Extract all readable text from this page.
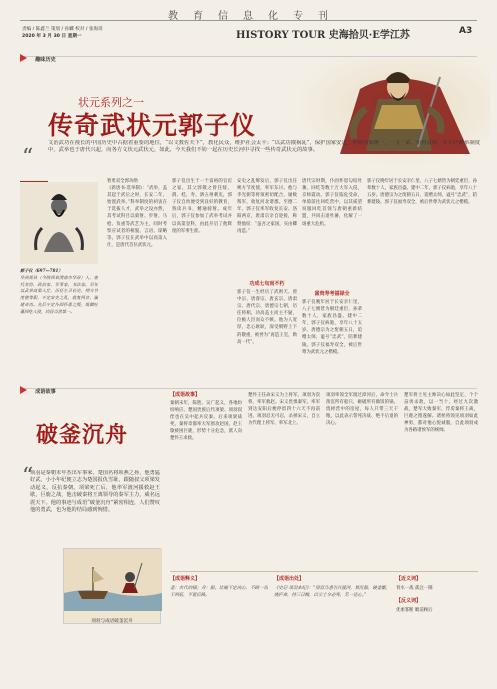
教 育 信 息 化 专 刊
责编 / 陈鑫兰 策划 / 孙麟 校对 / 张海哥
2020 年 3 月 30 日 星期一	HISTORY TOUR 史海拾贝·E学江苏	A3
趣味历史
状元系列之一
传奇武状元郭子仪
“
文治武功在漫长的中国历史中占据着重要的地位，“以文教佐天下”，教化民众，维护社会太平；“以武功戡祸乱”，保护国家安定，巩固国家统一，一文一武，相得益彰。在古代科举制度中，武举也于唐代兴起，向各方文状元武状元，如此，今天我们不妨一起在历史长河中寻找一些传奇武状元的故事。
郭子仪（697—781）
华州郑县（今陕西省渭南市华县）人，唐代名将、政治家、军事家、书法家。早年以武举高第入仕，历任左卫长史、朔方节度使等职，平定安史之乱，收复两京，屡建奇功。先后平定仆固怀恩之叛，抵御吐蕃回纥入侵，功居当世第一。
智勇双全郭功勋
《新唐书·选举制》：“武举，盖其起于武后之时，长安二年，始置武举。”科举制度的初衷在于选拔人才，武举之设亦然，其考试科目以骑射、步射、马枪、负重等武艺为主，同时考察应试者的相貌、言语、谋略等。郭子仪在武举中以高第入仕，是唐代首位武状元。
郭子仪出生于一个富裕的官宦之家，其父郭敬之曾任绥、渭、桂、寿、泗五州刺史，郭子仪自幼便受到良好的教育，熟读兵书，精通骑射。成年后，郭子仪参加了武举考试并以高第登科，由此开启了他辉煌的军事生涯。
安史之乱爆发后，郭子仪出任朔方节度使，率军东讨。他与李光弼等将领密切配合，屡败叛军，收复河北诸郡。至德二年，郭子仪率军收复长安、洛阳两京，唐肃宗亲自迎接，称赞他说：“虽吾之家国，实由卿再造。”
功成七旬而不朽
郭子仪一生经历了武则天、唐中宗、唐睿宗、唐玄宗、唐肃宗、唐代宗、唐德宗七朝，历任将相，功高盖主而主不疑，位极人臣而众不嫉。他为人宽厚，忠心耿耿，深受朝野上下的敬重，被誉为“再造王室，勋高一代”。
唐代宗时期，仆固怀恩勾结吐蕃、回纥等数十万大军入侵，京师震动。郭子仪临危受命，单骑前往回纥营中，以其威望说服回纥首领与唐朝重新结盟，共同击退吐蕃，化解了一场重大危机。
富贵寿考福禄全
郭子仪晚年居于长安亲仁里，八子七婿皆为朝廷重臣，孙辈数十人，家族昌盛。建中二年，郭子仪病逝，享年八十五岁。唐德宗为之废朝五日，追赠太师，谥号“忠武”，陪葬建陵。郭子仪福寿双全，被后世尊为武状元之楷模。
郭子仪晚年居于长安亲仁里，八子七婿皆为朝廷重臣，孙辈数十人，家族昌盛。建中二年，郭子仪病逝，享年八十五岁。唐德宗为之废朝五日，追赠太师，谥号“忠武”，陪葬建陵。郭子仪福寿双全，被后世尊为武状元之楷模。
成语故事
破釜沉舟
“
项羽是秦朝末年杰出军事家，楚国名将项燕之孙，他勇猛好武，小小年纪便立志为楚国报仇雪耻，跟随叔父项梁发动起义，反抗秦朝。项梁死亡后，他率军渡河援救赵王歇，巨鹿之战，他击破秦将王离领导的秦军主力，威名远震天下。他的事迹与成语“破釜沉舟”紧密相连，人们赞叹他的勇武，也为他的结局感到惋惜。
项羽与成语破釜沉舟
【成语故事】
秦朝末年，陈胜、吴广起义，各地纷纷响应。楚国贵族后代项梁、项羽叔侄也在吴中起兵反秦。后来项梁战死，秦将章邯率大军围攻赵国，赵王歇被困巨鹿，形势十分危急，派人向楚怀王求救。
楚怀王任命宋义为上将军，项羽为次将，率军救赵。宋义畏惧秦军，率军到达安阳后便停留四十六天不再前进。项羽忍无可忍，杀掉宋义，自立为代理上将军，率军北上。
项羽率领全军渡过漳河后，命令士兵凿沉所有船只，砸破所有做饭的锅，烧掉营中的房屋，每人只带三天干粮，以此表示誓死决战、绝不后退的决心。
楚军将士见主帅决心如此坚定，个个奋勇杀敌，以一当十。经过九次激战，楚军大败秦军，俘虏秦将王离，巨鹿之围遂解。诸侯将领见项羽如此神勇，都对他心悦诚服，自此项羽成为各路诸侯军的统帅。
【成语释义】
釜：古代的锅；舟：船。比喻下定决心，不顾一切干到底，不留后路。
【成语出处】
《史记·项羽本纪》：“项羽乃悉引兵渡河，皆沉船，破釜甑，烧庐舍，持三日粮，以示士卒必死，无一还心。”
【近义词】
背水一战 孤注一掷
【反义词】
优柔寡断 瞻前顾后
